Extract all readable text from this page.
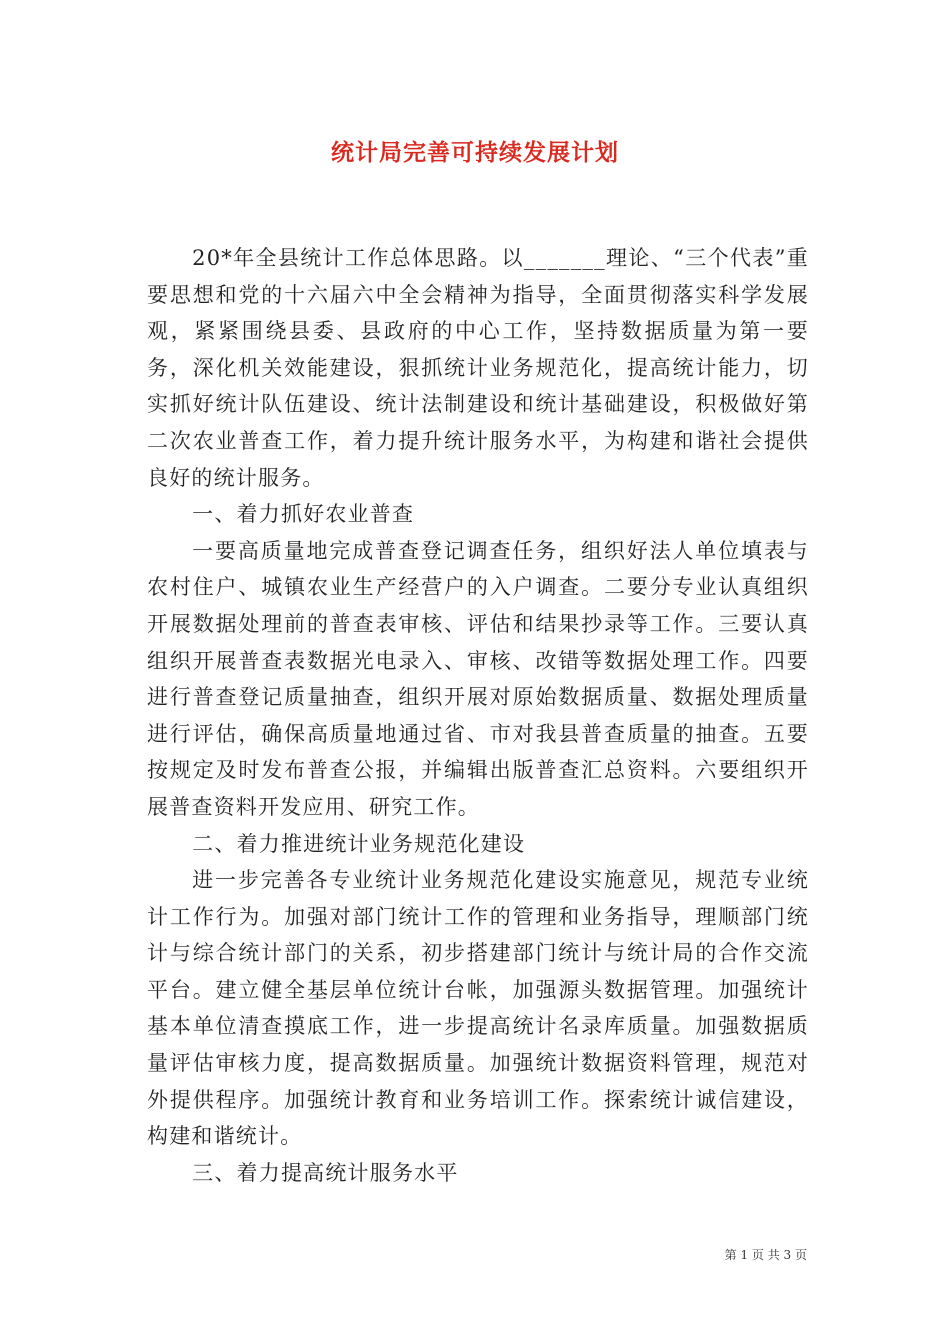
统计局完善可持续发展计划

20*年全县统计工作总体思路。以_______理论、“三个代表”重要思想和党的十六届六中全会精神为指导，全面贯彻落实科学发展观，紧紧围绕县委、县政府的中心工作，坚持数据质量为第一要务，深化机关效能建设，狠抓统计业务规范化，提高统计能力，切实抓好统计队伍建设、统计法制建设和统计基础建设，积极做好第二次农业普查工作，着力提升统计服务水平，为构建和谐社会提供良好的统计服务。

一、着力抓好农业普查

一要高质量地完成普查登记调查任务，组织好法人单位填表与农村住户、城镇农业生产经营户的入户调查。二要分专业认真组织开展数据处理前的普查表审核、评估和结果抄录等工作。三要认真组织开展普查表数据光电录入、审核、改错等数据处理工作。四要进行普查登记质量抽查，组织开展对原始数据质量、数据处理质量进行评估，确保高质量地通过省、市对我县普查质量的抽查。五要按规定及时发布普查公报，并编辑出版普查汇总资料。六要组织开展普查资料开发应用、研究工作。

二、着力推进统计业务规范化建设

进一步完善各专业统计业务规范化建设实施意见，规范专业统计工作行为。加强对部门统计工作的管理和业务指导，理顺部门统计与综合统计部门的关系，初步搭建部门统计与统计局的合作交流平台。建立健全基层单位统计台帐，加强源头数据管理。加强统计基本单位清查摸底工作，进一步提高统计名录库质量。加强数据质量评估审核力度，提高数据质量。加强统计数据资料管理，规范对外提供程序。加强统计教育和业务培训工作。探索统计诚信建设，构建和谐统计。

三、着力提高统计服务水平

第 1 页 共 3 页
